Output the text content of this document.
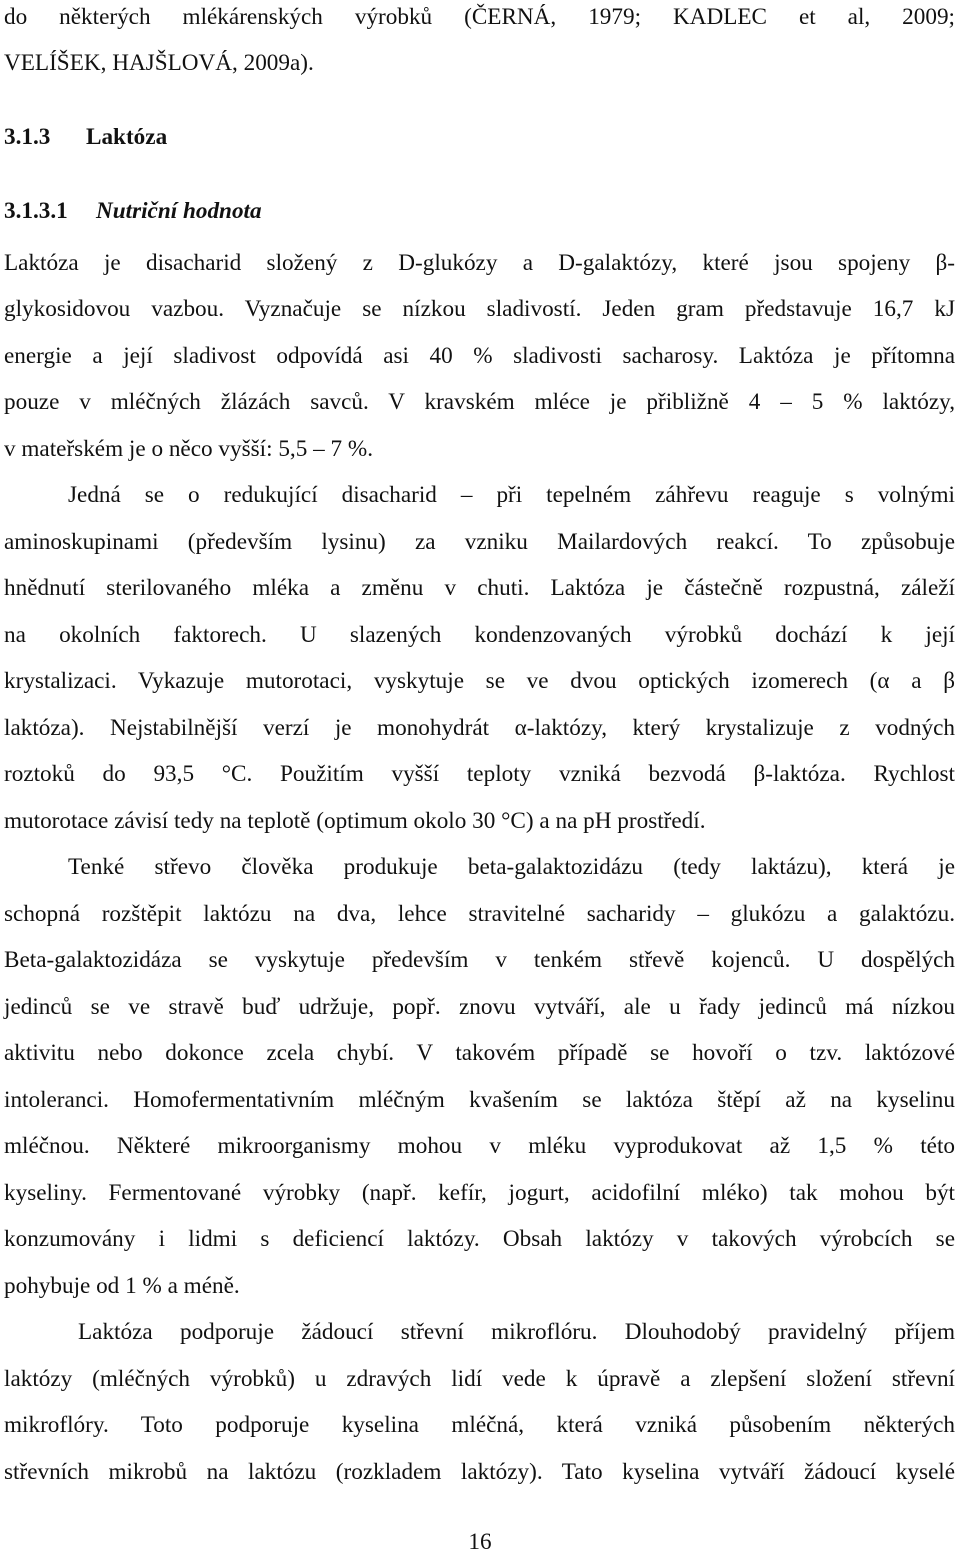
do některých mlékárenských výrobků (ČERNÁ, 1979; KADLEC et al, 2009;
VELÍŠEK, HAJŠLOVÁ, 2009a).
3.1.3 Laktóza
3.1.3.1 Nutriční hodnota
Laktóza je disacharid složený z D-glukózy a D-galaktózy, které jsou spojeny β-
glykosidovou vazbou. Vyznačuje se nízkou sladivostí. Jeden gram představuje 16,7 kJ
energie a její sladivost odpovídá asi 40 % sladivosti sacharosy. Laktóza je přítomna
pouze v mléčných žlázách savců. V kravském mléce je přibližně 4 – 5 % laktózy,
v mateřském je o něco vyšší: 5,5 – 7 %.
Jedná se o redukující disacharid – při tepelném záhřevu reaguje s volnými
aminoskupinami (především lysinu) za vzniku Mailardových reakcí. To způsobuje
hnědnutí sterilovaného mléka a změnu v chuti. Laktóza je částečně rozpustná, záleží
na okolních faktorech. U slazených kondenzovaných výrobků dochází k její
krystalizaci. Vykazuje mutorotaci, vyskytuje se ve dvou optických izomerech (α a β
laktóza). Nejstabilnější verzí je monohydrát α-laktózy, který krystalizuje z vodných
roztoků do 93,5 °C. Použitím vyšší teploty vzniká bezvodá β-laktóza. Rychlost
mutorotace závisí tedy na teplotě (optimum okolo 30 °C) a na pH prostředí.
Tenké střevo člověka produkuje beta-galaktozidázu (tedy laktázu), která je
schopná rozštěpit laktózu na dva, lehce stravitelné sacharidy – glukózu a galaktózu.
Beta-galaktozidáza se vyskytuje především v tenkém střevě kojenců. U dospělých
jedinců se ve stravě buď udržuje, popř. znovu vytváří, ale u řady jedinců má nízkou
aktivitu nebo dokonce zcela chybí. V takovém případě se hovoří o tzv. laktózové
intoleranci. Homofermentativním mléčným kvašením se laktóza štěpí až na kyselinu
mléčnou. Některé mikroorganismy mohou v mléku vyprodukovat až 1,5 % této
kyseliny. Fermentované výrobky (např. kefír, jogurt, acidofilní mléko) tak mohou být
konzumovány i lidmi s deficiencí laktózy. Obsah laktózy v takových výrobcích se
pohybuje od 1 % a méně.
Laktóza podporuje žádoucí střevní mikroflóru. Dlouhodobý pravidelný příjem
laktózy (mléčných výrobků) u zdravých lidí vede k úpravě a zlepšení složení střevní
mikroflóry. Toto podporuje kyselina mléčná, která vzniká působením některých
střevních mikrobů na laktózu (rozkladem laktózy). Tato kyselina vytváří žádoucí kyselé
16
